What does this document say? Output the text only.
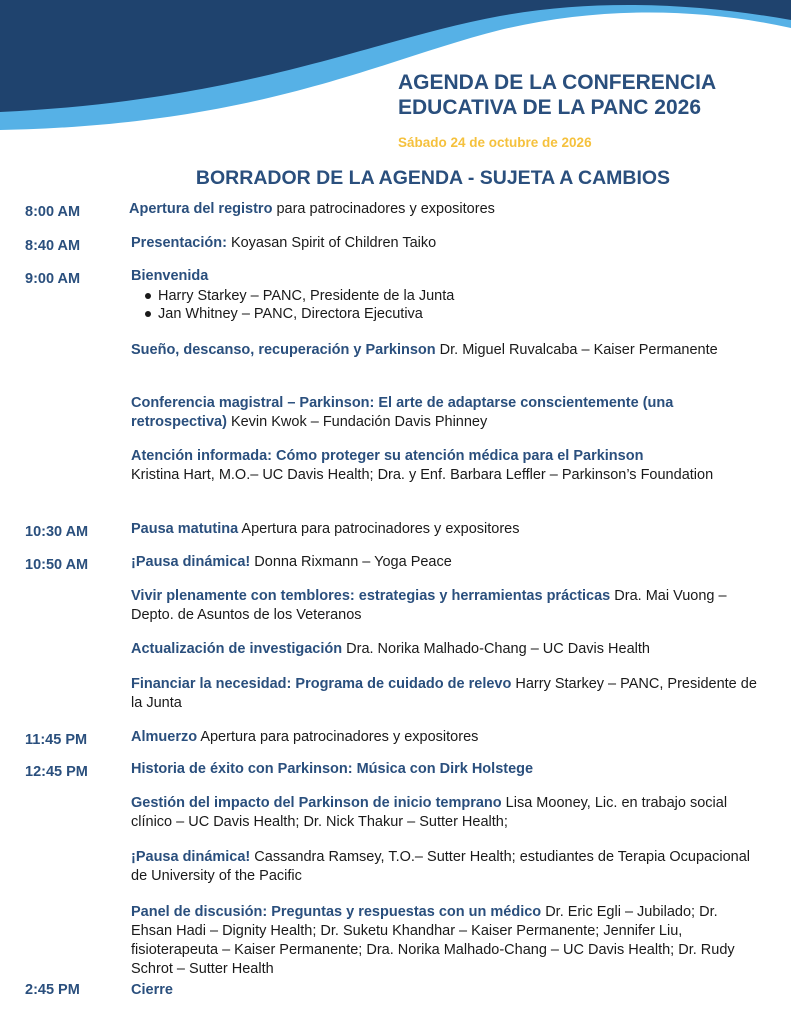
AGENDA DE LA CONFERENCIA
EDUCATIVA DE LA PANC 2026
Sábado 24 de octubre de 2026
BORRADOR DE LA AGENDA - SUJETA A CAMBIOS
8:00 AM	Apertura del registro para patrocinadores y expositores
8:40 AM	Presentación: Koyasan Spirit of Children Taiko
9:00 AM	Bienvenida
Harry Starkey – PANC, Presidente de la Junta
Jan Whitney – PANC, Directora Ejecutiva
Sueño, descanso, recuperación y Parkinson Dr. Miguel Ruvalcaba – Kaiser Permanente
Conferencia magistral – Parkinson: El arte de adaptarse conscientemente (una retrospectiva) Kevin Kwok – Fundación Davis Phinney
Atención informada: Cómo proteger su atención médica para el Parkinson
Kristina Hart, M.O.– UC Davis Health; Dra. y Enf. Barbara Leffler – Parkinson’s Foundation
10:30 AM	Pausa matutina Apertura para patrocinadores y expositores
10:50 AM	¡Pausa dinámica! Donna Rixmann – Yoga Peace
Vivir plenamente con temblores: estrategias y herramientas prácticas Dra. Mai Vuong – Depto. de Asuntos de los Veteranos
Actualización de investigación Dra. Norika Malhado-Chang – UC Davis Health
Financiar la necesidad: Programa de cuidado de relevo Harry Starkey – PANC, Presidente de la Junta
11:45 PM	Almuerzo Apertura para patrocinadores y expositores
12:45 PM	Historia de éxito con Parkinson: Música con Dirk Holstege
Gestión del impacto del Parkinson de inicio temprano Lisa Mooney, Lic. en trabajo social clínico – UC Davis Health; Dr. Nick Thakur – Sutter Health;
¡Pausa dinámica! Cassandra Ramsey, T.O.– Sutter Health; estudiantes de Terapia Ocupacional de University of the Pacific
Panel de discusión: Preguntas y respuestas con un médico Dr. Eric Egli – Jubilado; Dr. Ehsan Hadi – Dignity Health; Dr. Suketu Khandhar – Kaiser Permanente; Jennifer Liu, fisioterapeuta – Kaiser Permanente; Dra. Norika Malhado-Chang – UC Davis Health; Dr. Rudy Schrot – Sutter Health
2:45 PM	Cierre
